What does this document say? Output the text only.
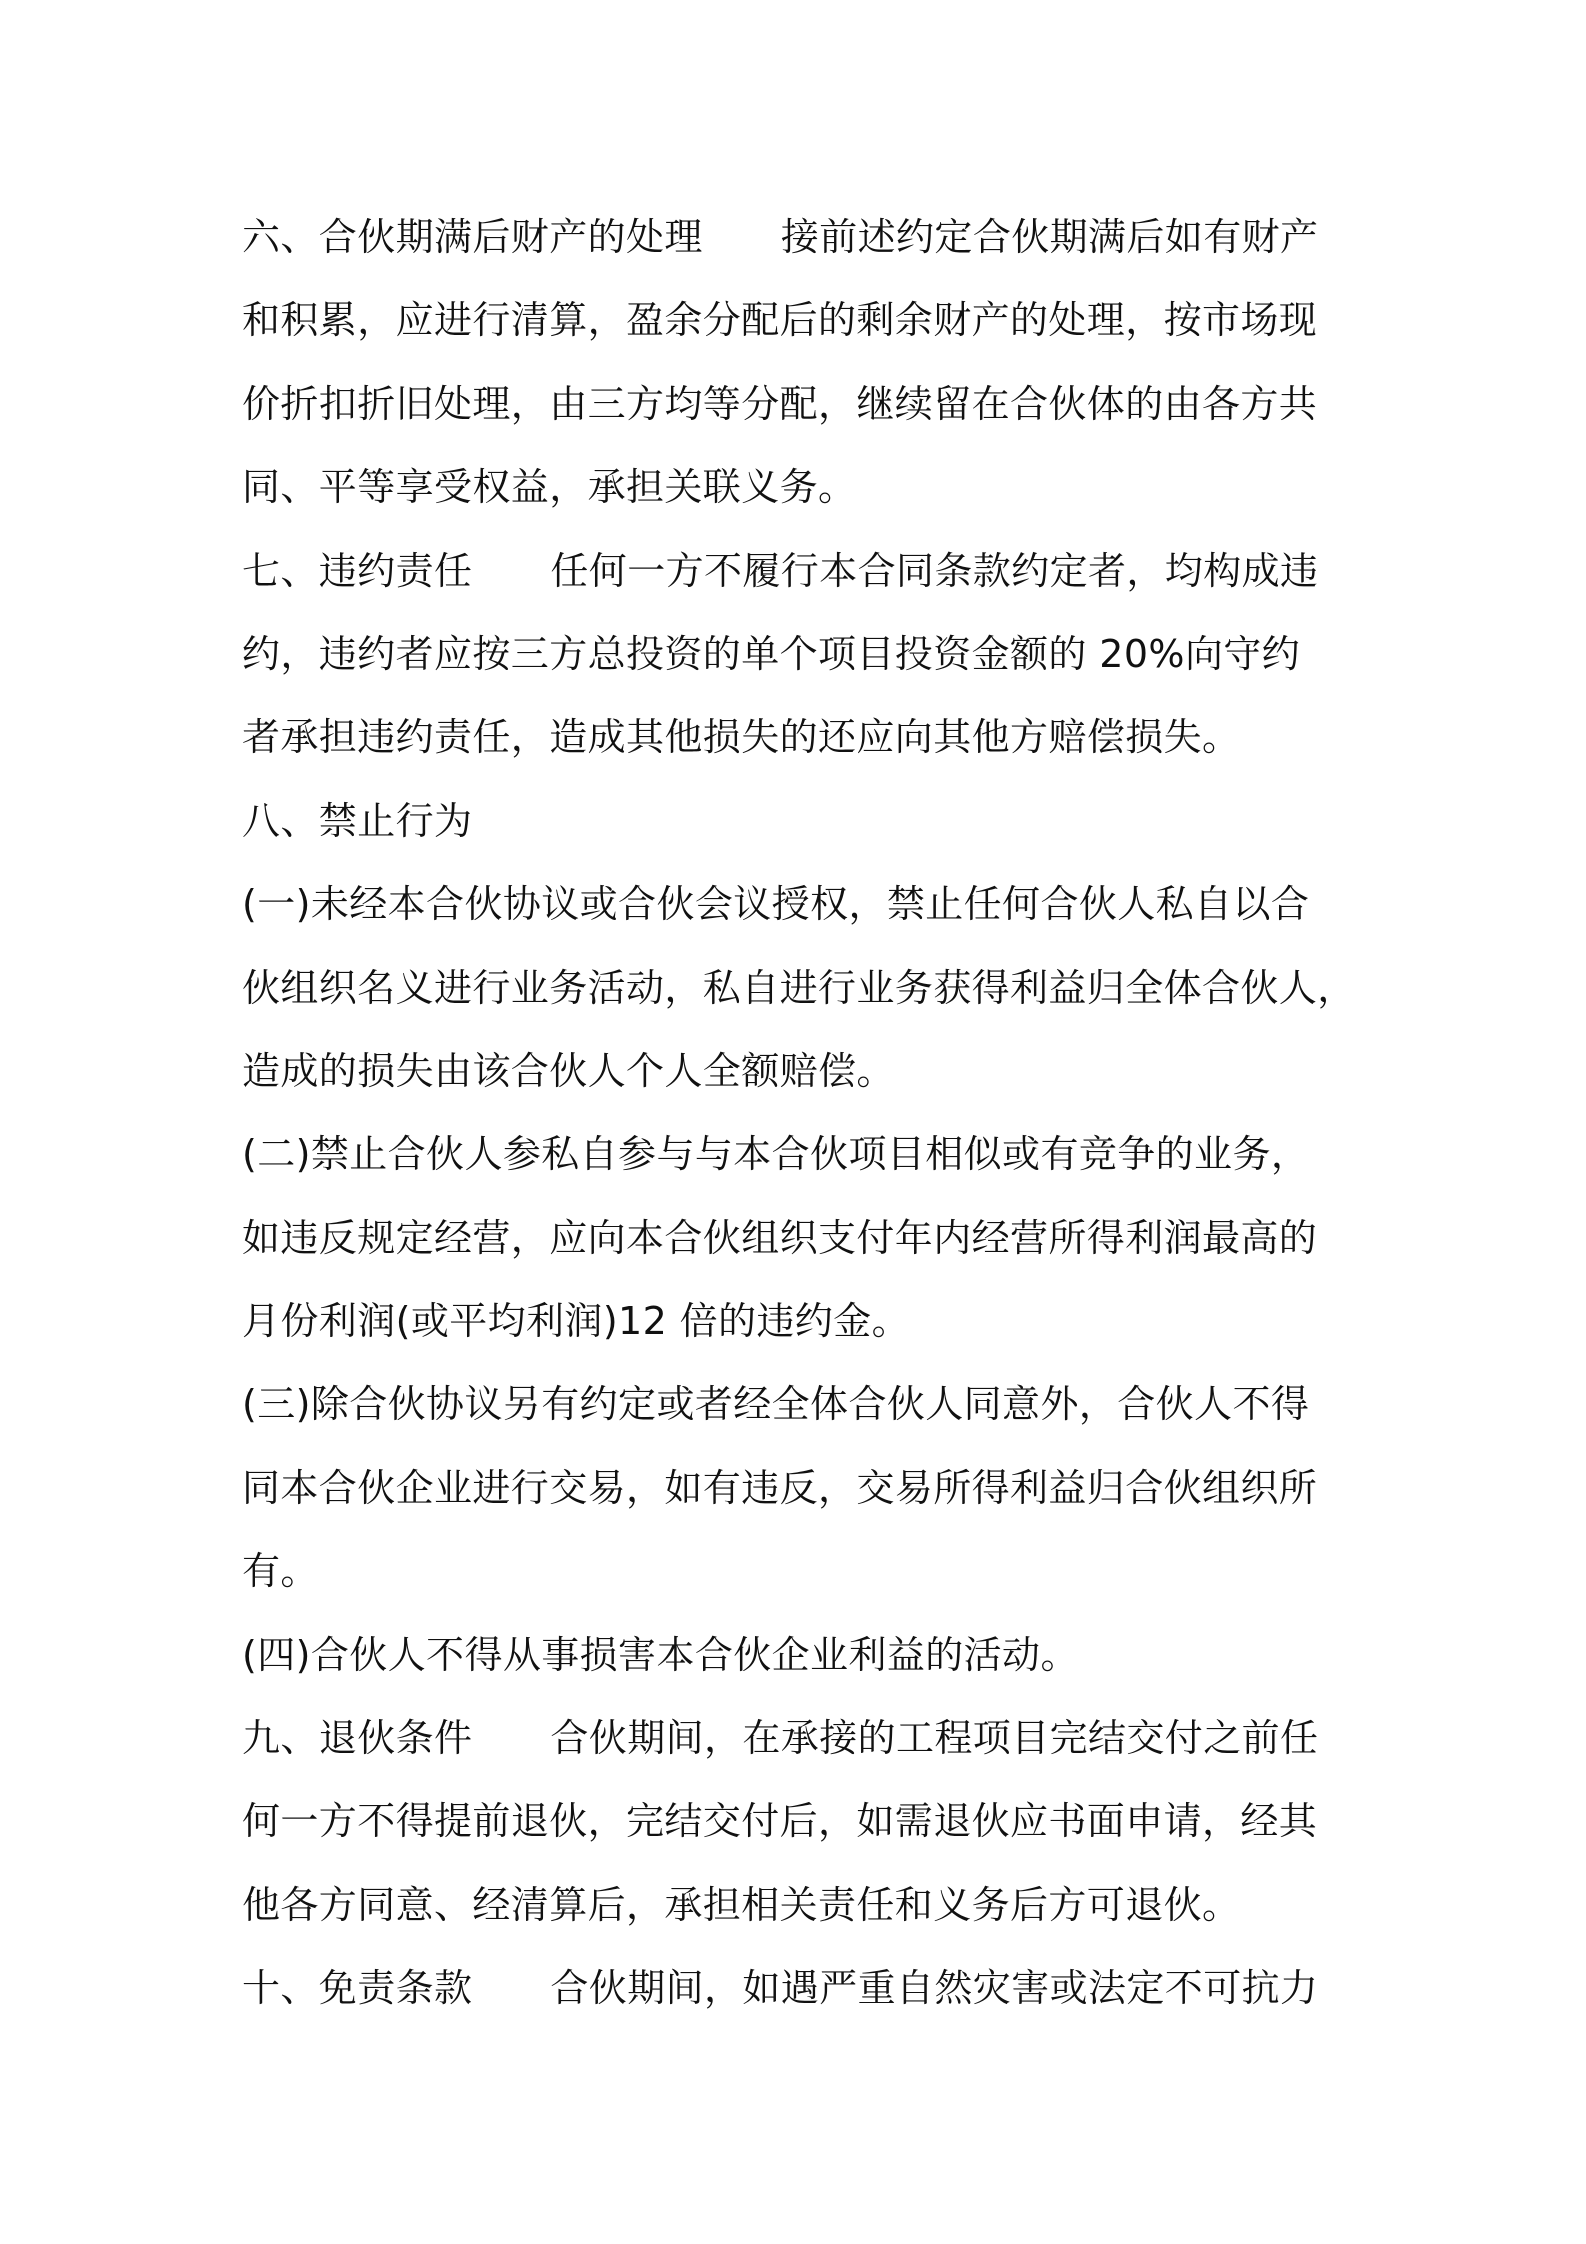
六、合伙期满后财产的处理 接前述约定合伙期满后如有财产
和积累，应进行清算，盈余分配后的剩余财产的处理，按市场现
价折扣折旧处理，由三方均等分配，继续留在合伙体的由各方共
同、平等享受权益，承担关联义务。
七、违约责任 任何一方不履行本合同条款约定者，均构成违
约，违约者应按三方总投资的单个项目投资金额的 20%向守约
者承担违约责任，造成其他损失的还应向其他方赔偿损失。
八、禁止行为
(一)未经本合伙协议或合伙会议授权，禁止任何合伙人私自以合
伙组织名义进行业务活动，私自进行业务获得利益归全体合伙人，
造成的损失由该合伙人个人全额赔偿。
(二)禁止合伙人参私自参与与本合伙项目相似或有竞争的业务，
如违反规定经营，应向本合伙组织支付年内经营所得利润最高的
月份利润(或平均利润)12 倍的违约金。
(三)除合伙协议另有约定或者经全体合伙人同意外，合伙人不得
同本合伙企业进行交易，如有违反，交易所得利益归合伙组织所
有。
(四)合伙人不得从事损害本合伙企业利益的活动。
九、退伙条件 合伙期间，在承接的工程项目完结交付之前任
何一方不得提前退伙，完结交付后，如需退伙应书面申请，经其
他各方同意、经清算后，承担相关责任和义务后方可退伙。
十、免责条款 合伙期间，如遇严重自然灾害或法定不可抗力
